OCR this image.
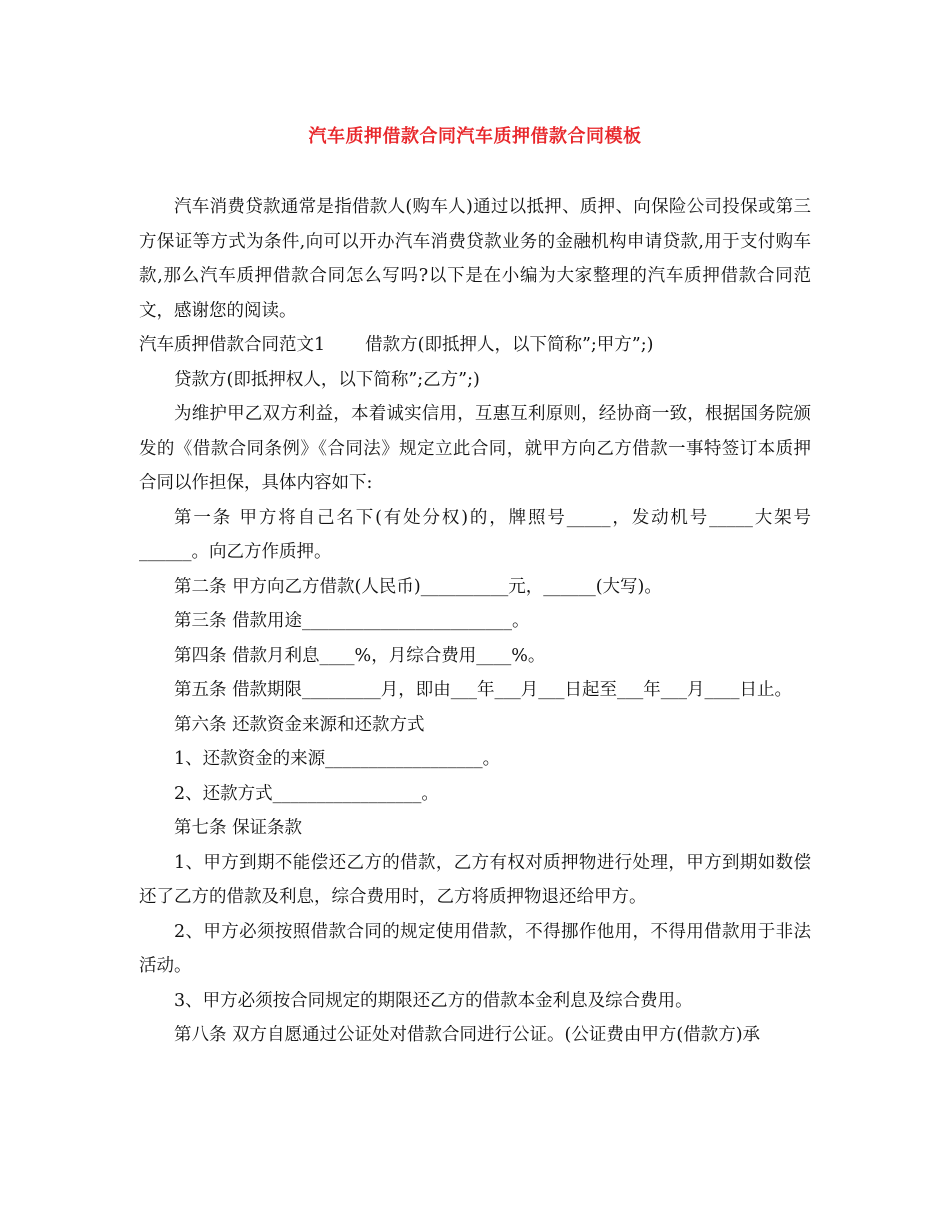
汽车质押借款合同汽车质押借款合同模板

汽车消费贷款通常是指借款人(购车人)通过以抵押、质押、向保险公司投保或第三方保证等方式为条件,向可以开办汽车消费贷款业务的金融机构申请贷款,用于支付购车款,那么汽车质押借款合同怎么写吗?以下是在小编为大家整理的汽车质押借款合同范文，感谢您的阅读。

汽车质押借款合同范文1 借款方(即抵押人，以下简称”;甲方”;)

贷款方(即抵押权人，以下简称”;乙方”;)

为维护甲乙双方利益，本着诚实信用，互惠互利原则，经协商一致，根据国务院颁发的《借款合同条例》《合同法》规定立此合同，就甲方向乙方借款一事特签订本质押合同以作担保，具体内容如下:

第一条 甲方将自己名下(有处分权)的，牌照号_____，发动机号_____大架号______。向乙方作质押。

第二条 甲方向乙方借款(人民币)__________元，______(大写)。

第三条 借款用途________________________。

第四条 借款月利息____%，月综合费用____%。

第五条 借款期限_________月，即由___年___月___日起至___年___月____日止。

第六条 还款资金来源和还款方式

1、还款资金的来源__________________。

2、还款方式_________________。

第七条 保证条款

1、甲方到期不能偿还乙方的借款，乙方有权对质押物进行处理，甲方到期如数偿还了乙方的借款及利息，综合费用时，乙方将质押物退还给甲方。

2、甲方必须按照借款合同的规定使用借款，不得挪作他用，不得用借款用于非法活动。

3、甲方必须按合同规定的期限还乙方的借款本金利息及综合费用。

第八条 双方自愿通过公证处对借款合同进行公证。(公证费由甲方(借款方)承
